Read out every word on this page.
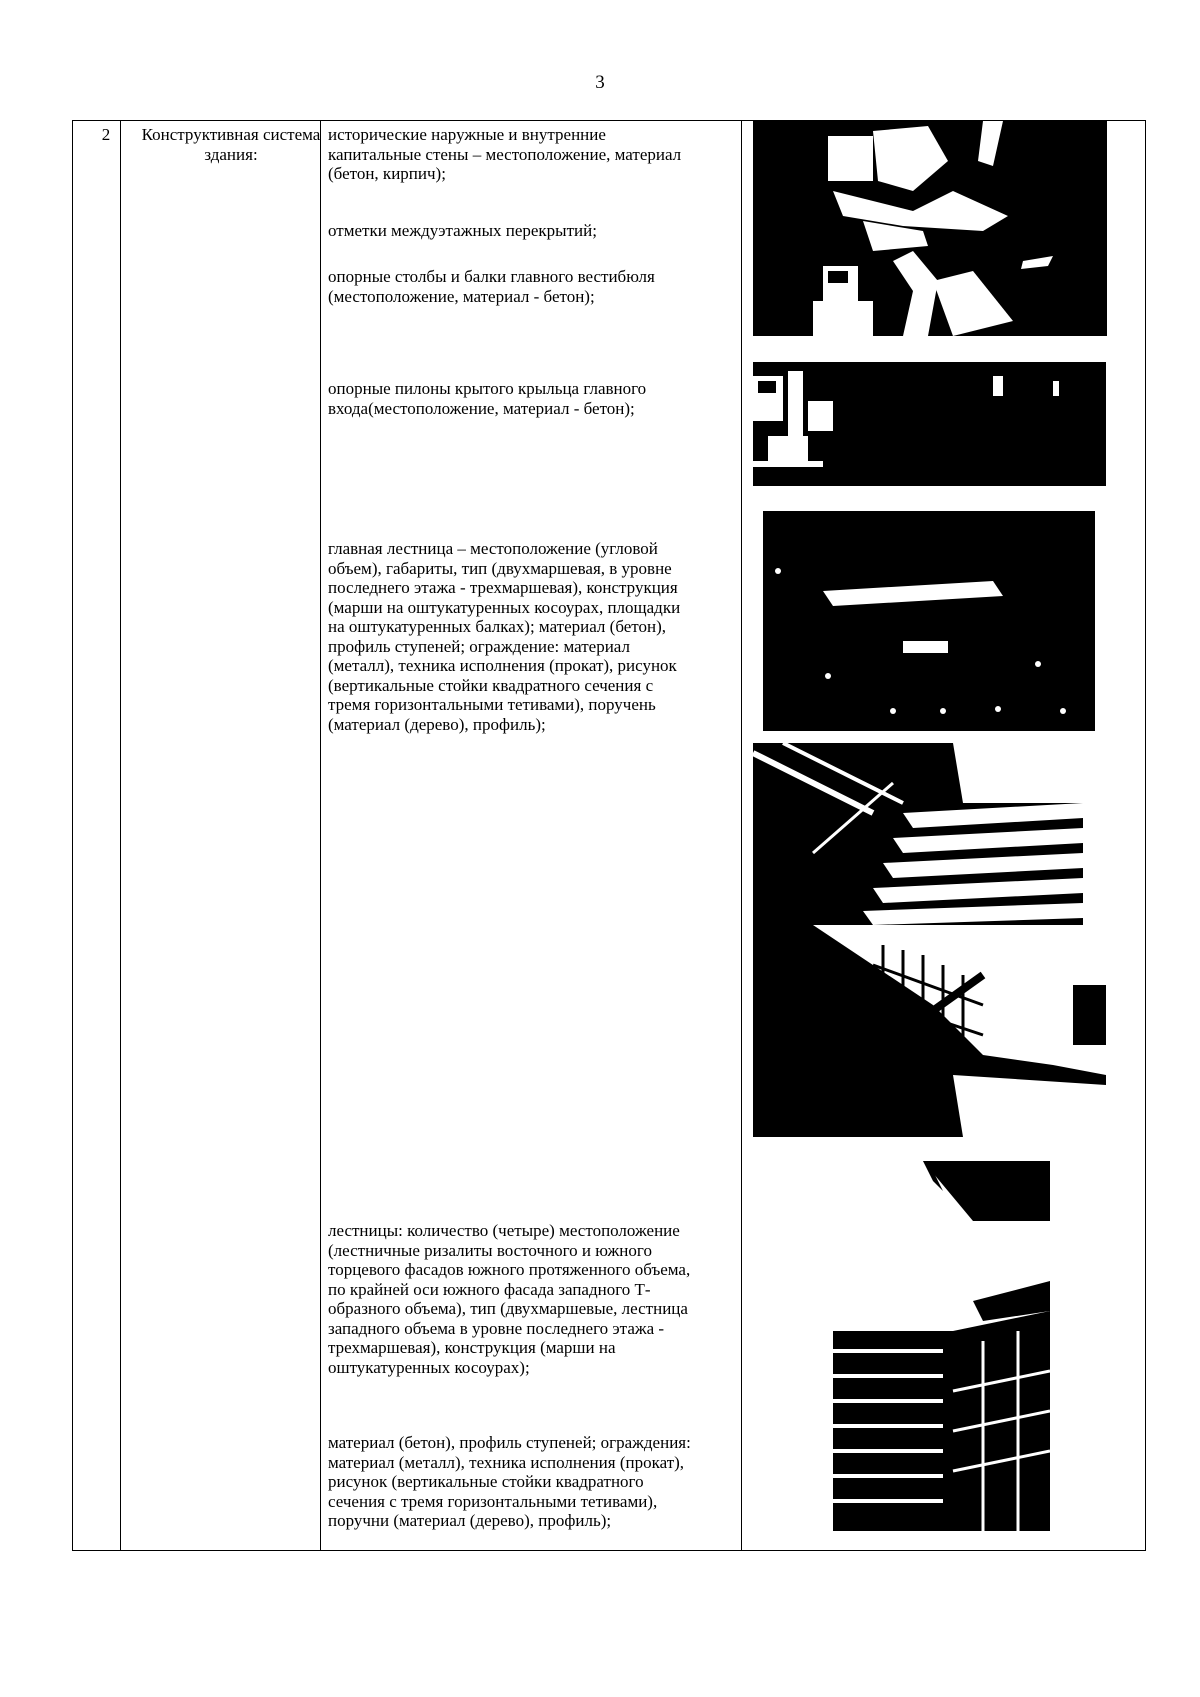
3
2	Конструктивная система здания:
исторические наружные и внутренние капитальные стены – местоположение, материал (бетон, кирпич);
отметки междуэтажных перекрытий;
опорные столбы и балки главного вестибюля (местоположение, материал - бетон);
опорные пилоны крытого крыльца главного входа(местоположение, материал - бетон);
главная лестница – местоположение (угловой объем), габариты, тип (двухмаршевая, в уровне последнего этажа - трехмаршевая), конструкция (марши на оштукатуренных косоурах, площадки на оштукатуренных балках); материал (бетон), профиль ступеней; ограждение: материал (металл), техника исполнения (прокат), рисунок (вертикальные стойки квадратного сечения с тремя горизонтальными тетивами), поручень (материал (дерево), профиль);
лестницы: количество (четыре) местоположение (лестничные ризалиты восточного и южного торцевого фасадов южного протяженного объема, по крайней оси южного фасада западного Т-образного объема), тип (двухмаршевые, лестница западного объема в уровне последнего этажа - трехмаршевая), конструкция (марши на оштукатуренных косоурах);
материал (бетон), профиль ступеней; ограждения: материал (металл), техника исполнения (прокат), рисунок (вертикальные стойки квадратного сечения с тремя горизонтальными тетивами), поручни (материал (дерево), профиль);
